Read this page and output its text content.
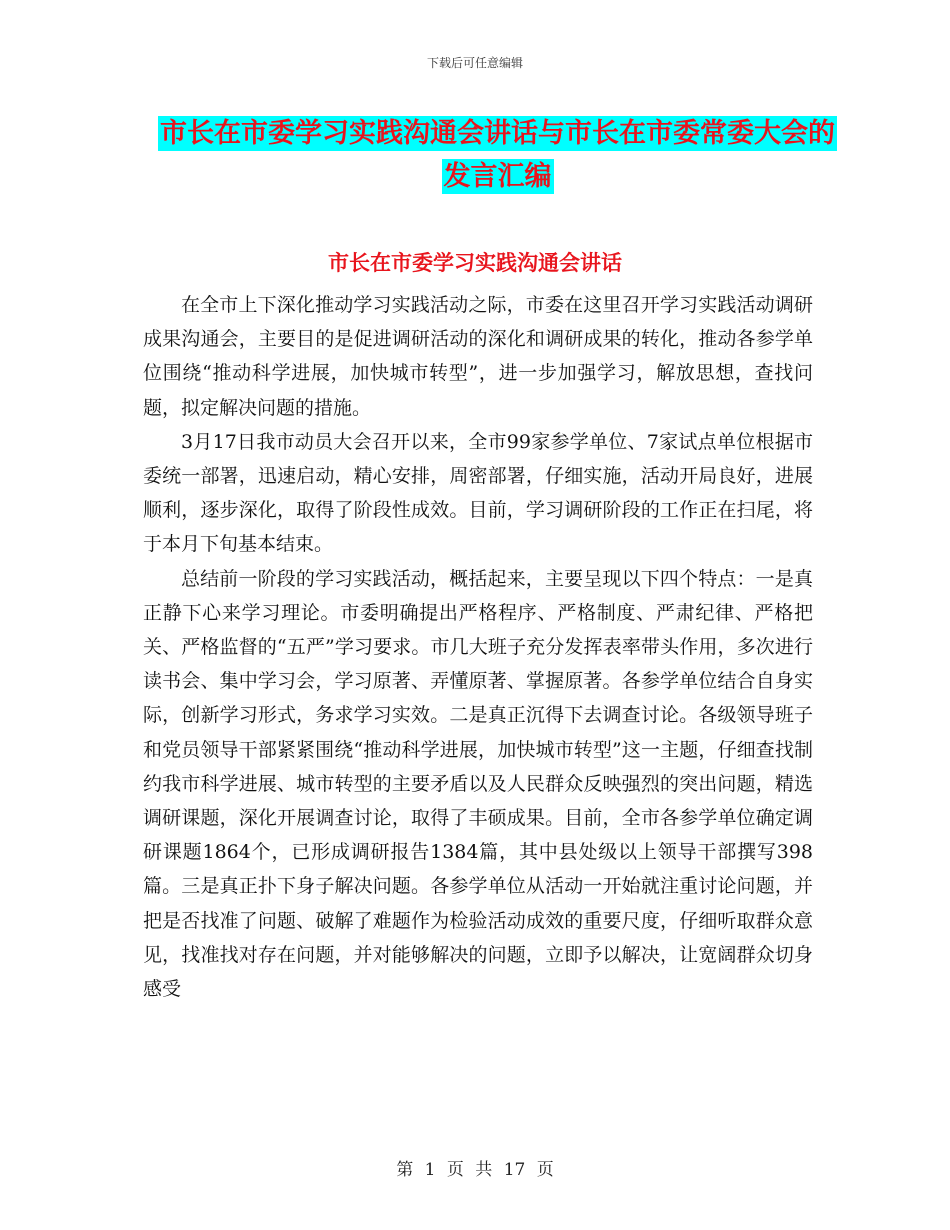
下载后可任意编辑
市长在市委学习实践沟通会讲话与市长在市委常委大会的发言汇编
市长在市委学习实践沟通会讲话

在全市上下深化推动学习实践活动之际，市委在这里召开学习实践活动调研成果沟通会，主要目的是促进调研活动的深化和调研成果的转化，推动各参学单位围绕“推动科学进展，加快城市转型”，进一步加强学习，解放思想，查找问题，拟定解决问题的措施。

3月17日我市动员大会召开以来，全市99家参学单位、7家试点单位根据市委统一部署，迅速启动，精心安排，周密部署，仔细实施，活动开局良好，进展顺利，逐步深化，取得了阶段性成效。目前，学习调研阶段的工作正在扫尾，将于本月下旬基本结束。

总结前一阶段的学习实践活动，概括起来，主要呈现以下四个特点：一是真正静下心来学习理论。市委明确提出严格程序、严格制度、严肃纪律、严格把关、严格监督的“五严”学习要求。市几大班子充分发挥表率带头作用，多次进行读书会、集中学习会，学习原著、弄懂原著、掌握原著。各参学单位结合自身实际，创新学习形式，务求学习实效。二是真正沉得下去调查讨论。各级领导班子和党员领导干部紧紧围绕“推动科学进展，加快城市转型”这一主题，仔细查找制约我市科学进展、城市转型的主要矛盾以及人民群众反映强烈的突出问题，精选调研课题，深化开展调查讨论，取得了丰硕成果。目前，全市各参学单位确定调研课题1864个，已形成调研报告1384篇，其中县处级以上领导干部撰写398篇。三是真正扑下身子解决问题。各参学单位从活动一开始就注重讨论问题，并把是否找准了问题、破解了难题作为检验活动成效的重要尺度，仔细听取群众意见，找准找对存在问题，并对能够解决的问题，立即予以解决，让宽阔群众切身感受

第 1 页 共 17 页
